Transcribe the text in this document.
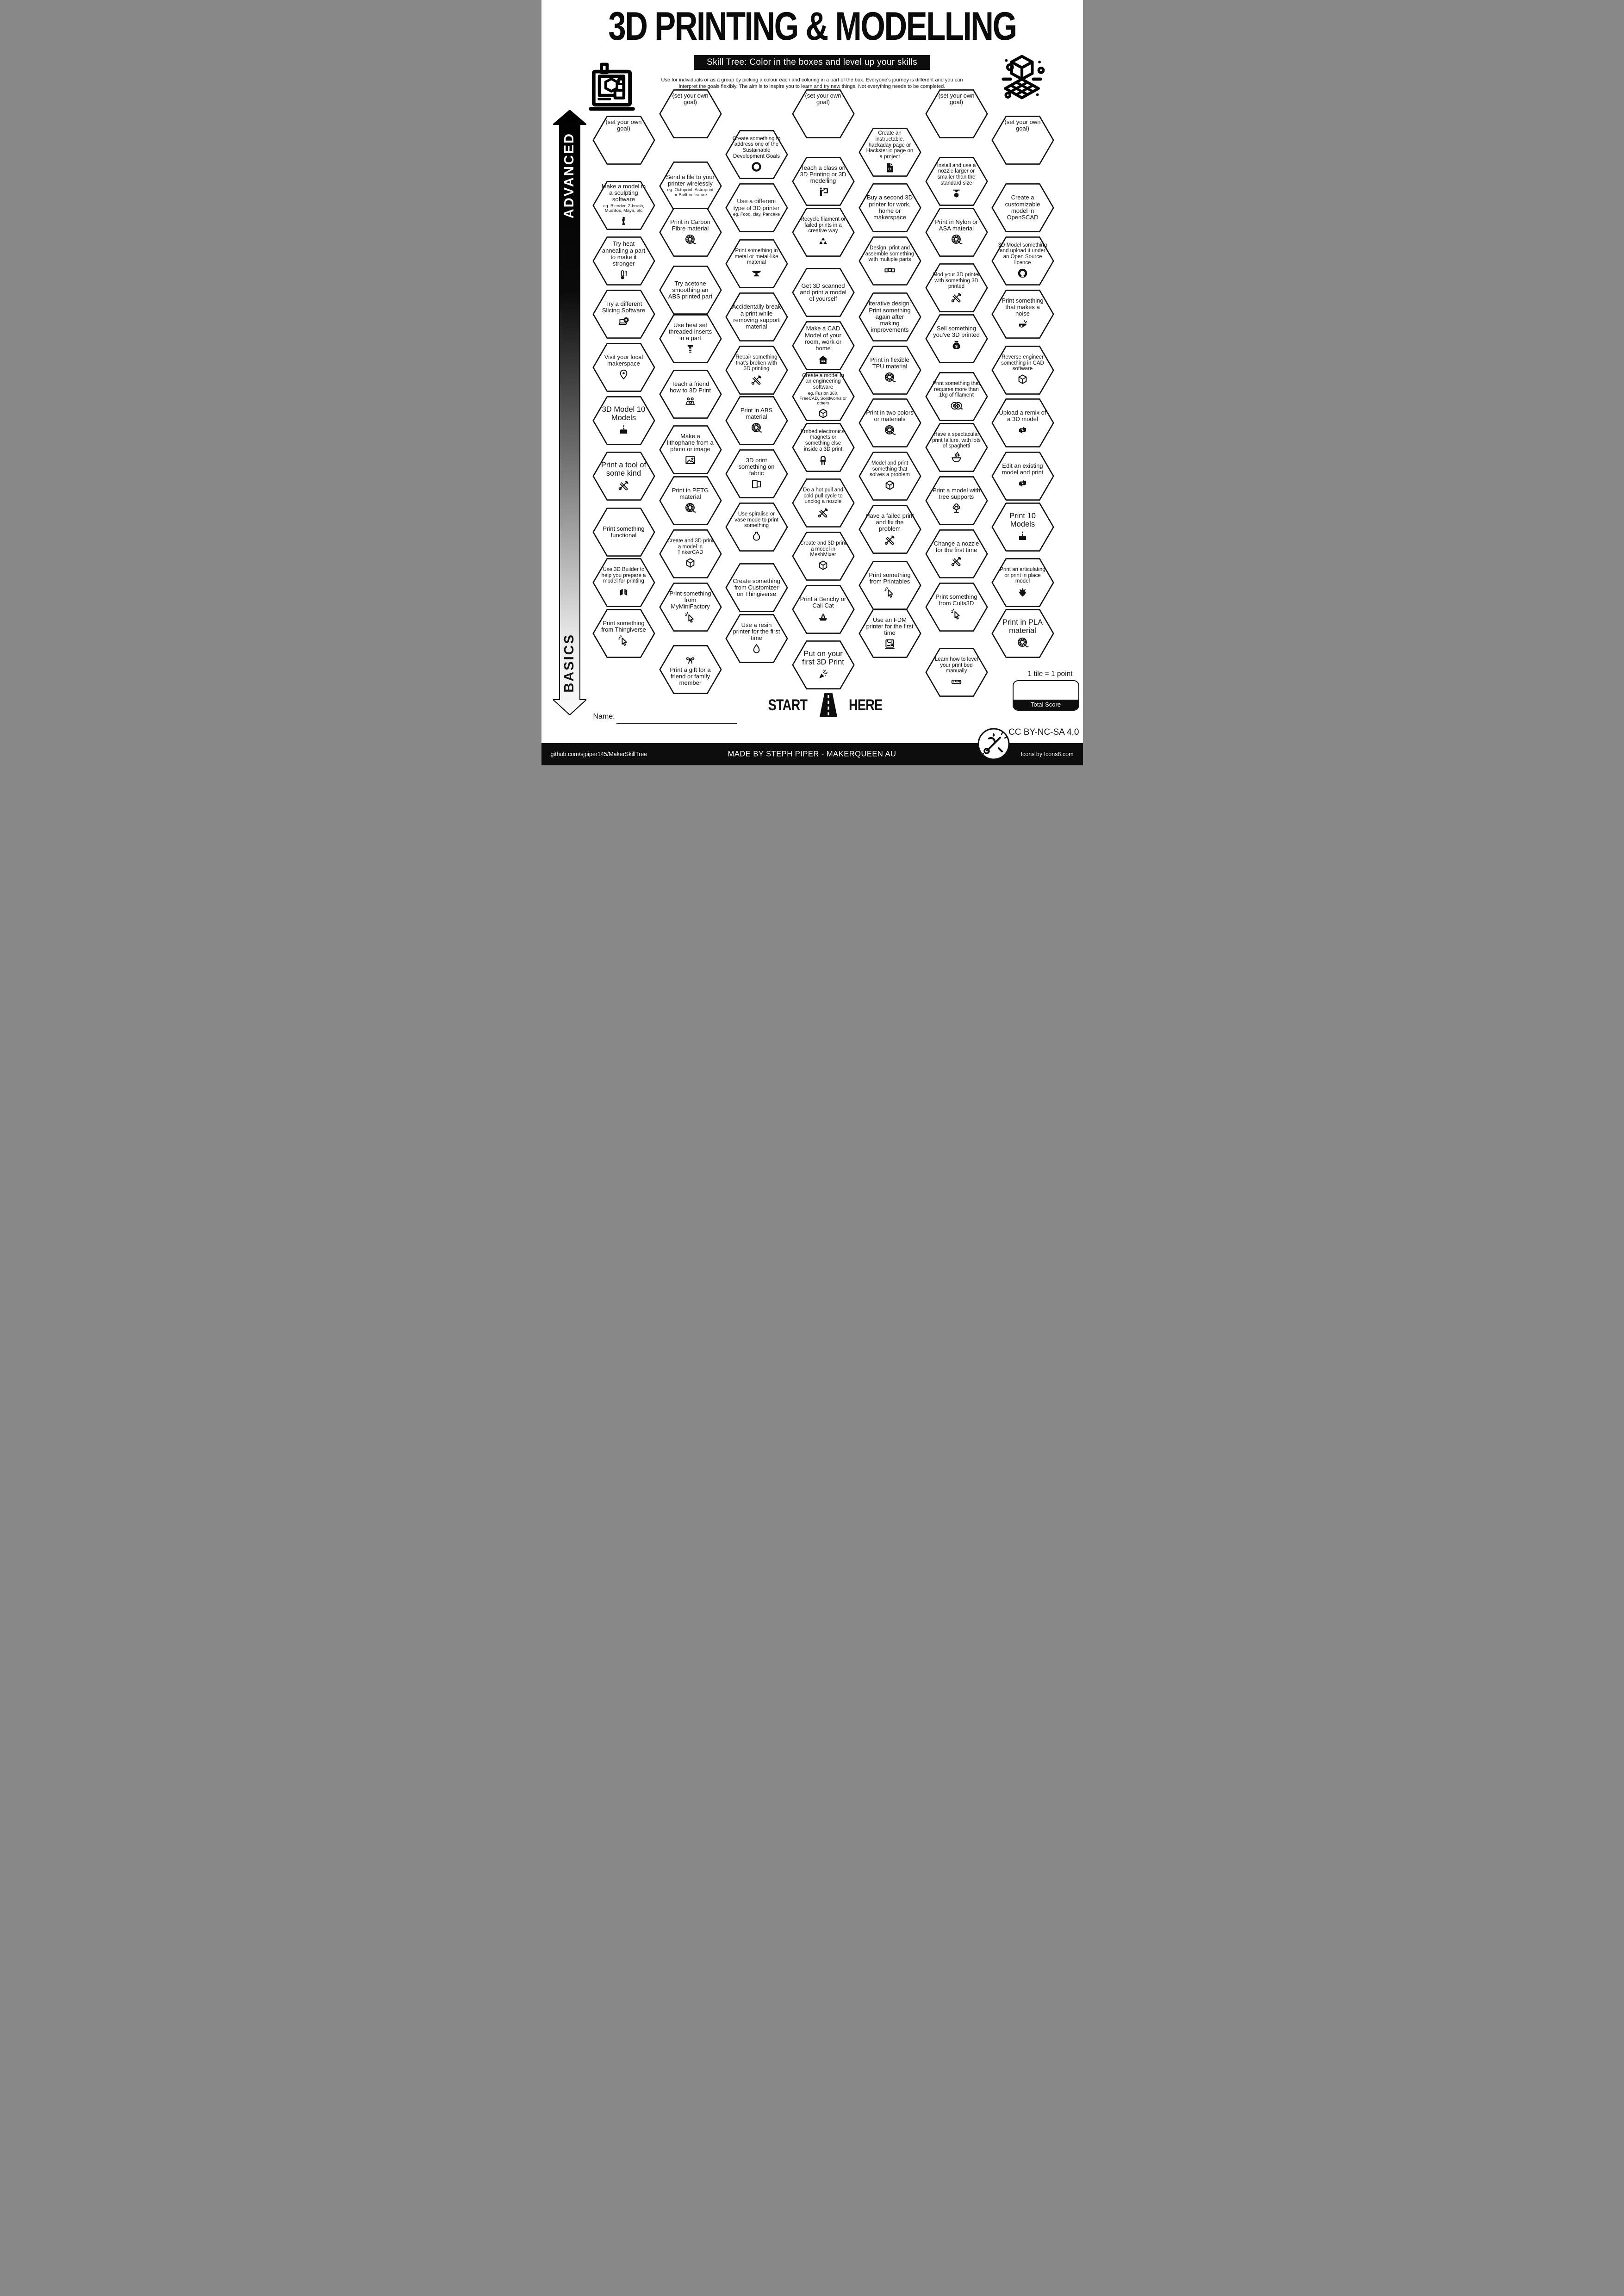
3D PRINTING & MODELLING
Skill Tree: Color in the boxes and level up your skills
Use for individuals or as a group by picking a colour each and coloring in a part of the box. Everyone's journey is different and you can
interpret the goals flexibly. The aim is to inspire you to learn and try new things. Not everything needs to be completed.
ADVANCED
BASICS
(set your own goal)
Make a model in a sculpting software
eg. Blender, Z-brush, MudBox, Maya, etc
Try heat annealing a part to make it stronger
Try a different Slicing Software
Visit your local makerspace
3D Model 10 Models
Print a tool of some kind
Print something functional
Use 3D Builder to help you prepare a model for printing
Print something from Thingiverse
(set your own goal)
Send a file to your printer wirelessly
eg. Octoprint, Astroprint or Built-in feature
Print in Carbon Fibre material
Try acetone smoothing an ABS printed part
Use heat set threaded inserts in a part
Teach a friend how to 3D Print
Make a lithophane from a photo or image
Print in PETG material
Create and 3D print a model in TinkerCAD
Print something from MyMiniFactory
Print a gift for a friend or family member
Create something to address one of the Sustainable Development Goals
Use a different type of 3D printer
eg. Food, clay, Pancake
Print something in metal or metal-like material
Accidentally break a print while removing support material
Repair something that's broken with 3D printing
Print in ABS material
3D print something on fabric
Use spiralise or vase mode to print something
Create something from Customizer on Thingiverse
Use a resin printer for the first time
(set your own goal)
Teach a class on 3D Printing or 3D modelling
Recycle filament or failed prints in a creative way
Get 3D scanned and print a model of yourself
Make a CAD Model of your room, work or home
Create a model in an engineering software
eg. Fusion 360, FreeCAD, Solidworks or others
Embed electronics, magnets or something else inside a 3D print
Do a hot pull and cold pull cycle to unclog a nozzle
Create and 3D print a model in MeshMixer
Print a Benchy or Cali Cat
Put on your first 3D Print
Create an instructable, hackaday page or Hackster.io page on a project
Buy a second 3D printer for work, home or makerspace
Design, print and assemble something with multiple parts
Iterative design: Print something again after making improvements
Print in flexible TPU material
Print in two colors or materials
Model and print something that solves a problem
Have a failed print and fix the problem
Print something from Printables
Use an FDM printer for the first time
(set your own goal)
Install and use a nozzle larger or smaller than the standard size
Print in Nylon or ASA material
Mod your 3D printer with something 3D printed
Sell something you've 3D printed
$
Print something that requires more than 1kg of filament
Have a spectacular print failure, with lots of spaghetti
Print a model with tree supports
Change a nozzle for the first time
Print something from Cults3D
Learn how to level your print bed manually
(set your own goal)
Create a customizable model in OpenSCAD
3D Model something and upload it under an Open Source licence
Print something that makes a noise
Reverse engineer something in CAD software
Upload a remix of a 3D model
Edit an existing model and print
Print 10 Models
Print an articulating or print in place model
Print in PLA material
START	HERE
Name:
1 tile = 1 point
Total Score
CC BY-NC-SA 4.0
github.com/sjpiper145/MakerSkillTree	MADE BY STEPH PIPER - MAKERQUEEN AU	Icons by Icons8.com
